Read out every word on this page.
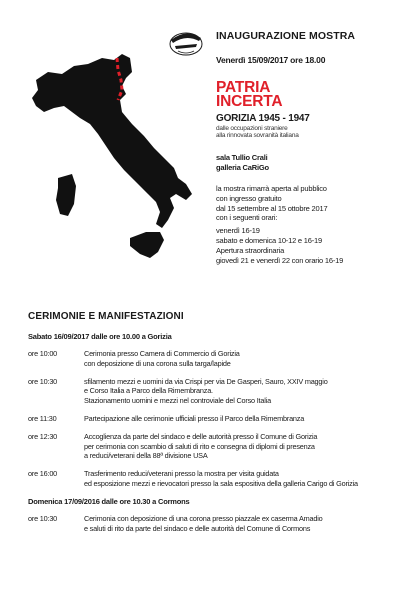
INAUGURAZIONE MOSTRA
Venerdì 15/09/2017 ore 18.00
PATRIA
INCERTA
GORIZIA 1945 - 1947
dalle occupazioni straniere
alla rinnovata sovranità italiana
sala Tullio Crali
galleria CaRiGo
la mostra rimarrà aperta al pubblico
con ingresso gratuito
dal 15 settembre al 15 ottobre 2017
con i seguenti orari:
venerdì 16-19
sabato e domenica 10-12 e 16-19
Apertura straordinaria
giovedì 21 e venerdì 22 con orario 16-19
CERIMONIE E MANIFESTAZIONI
Sabato 16/09/2017 dalle ore 10.00 a Gorizia
ore 10:00	Cerimonia presso Camera di Commercio di Gorizia
con deposizione di una corona sulla targa/lapide
ore 10:30	sfilamento mezzi e uomini da via Crispi per via De Gasperi, Sauro, XXIV maggio
e Corso Italia a Parco della Rimembranza.
Stazionamento uomini e mezzi nel controviale del Corso Italia
ore 11:30	Partecipazione alle cerimonie ufficiali presso il Parco della Rimembranza
ore 12:30	Accoglienza da parte del sindaco e delle autorità presso il Comune di Gorizia
per cerimonia con scambio di saluti di rito e consegna di diplomi di presenza
a reduci/veterani della 88ª divisione USA
ore 16:00	Trasferimento reduci/veterani presso la mostra per visita guidata
ed esposizione mezzi e rievocatori presso la sala espositiva della galleria Carigo di Gorizia
Domenica 17/09/2016 dalle ore 10.30 a Cormons
ore 10:30	Cerimonia con deposizione di una corona presso piazzale ex caserma Amadio
e saluti di rito da parte del sindaco e delle autorità del Comune di Cormons
